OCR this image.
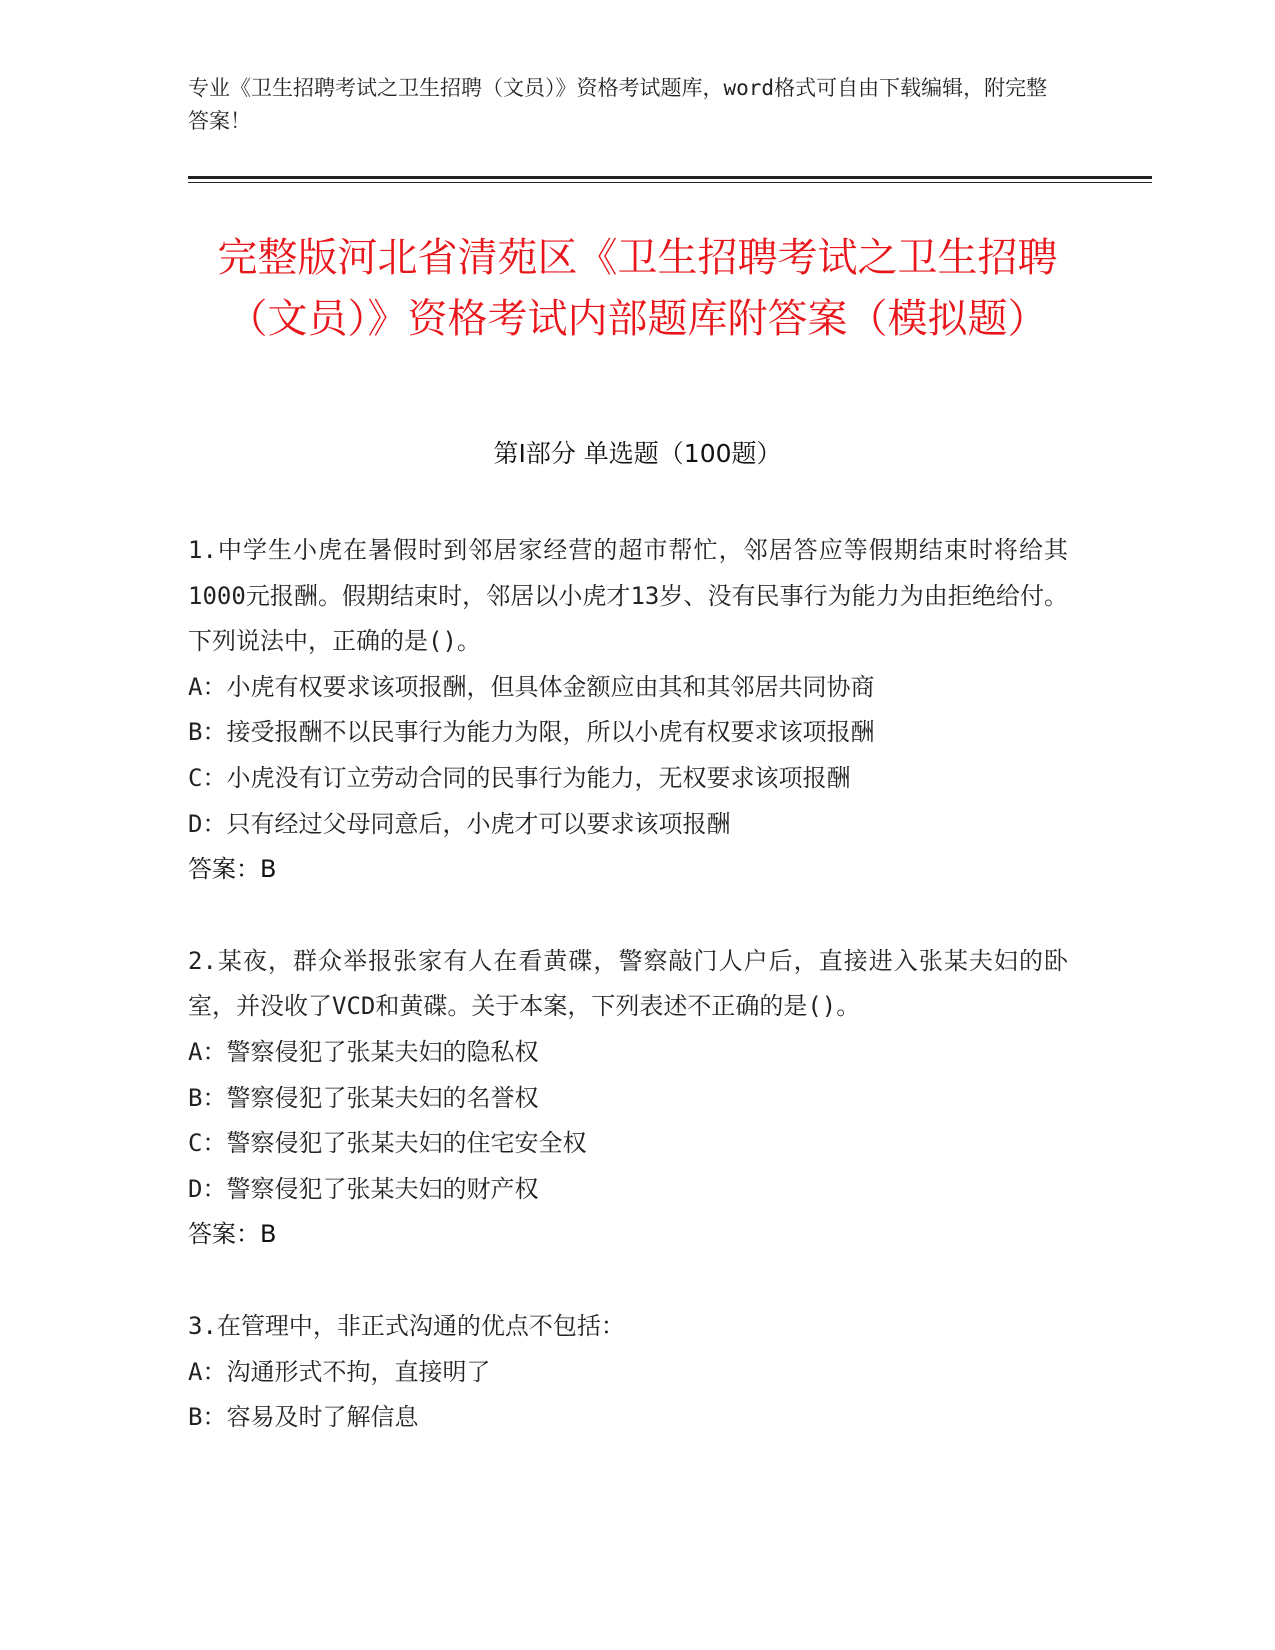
专业《卫生招聘考试之卫生招聘（文员）》资格考试题库，word格式可自由下载编辑，附完整答案！
完整版河北省清苑区《卫生招聘考试之卫生招聘（文员）》资格考试内部题库附答案（模拟题）
第Ⅰ部分 单选题（100题）

1.中学生小虎在暑假时到邻居家经营的超市帮忙，邻居答应等假期结束时将给其1000元报酬。假期结束时，邻居以小虎才13岁、没有民事行为能力为由拒绝给付。下列说法中，正确的是()。

A：小虎有权要求该项报酬，但具体金额应由其和其邻居共同协商

B：接受报酬不以民事行为能力为限，所以小虎有权要求该项报酬

C：小虎没有订立劳动合同的民事行为能力，无权要求该项报酬

D：只有经过父母同意后，小虎才可以要求该项报酬

答案：B

2.某夜，群众举报张家有人在看黄碟，警察敲门人户后，直接进入张某夫妇的卧室，并没收了VCD和黄碟。关于本案，下列表述不正确的是()。

A：警察侵犯了张某夫妇的隐私权

B：警察侵犯了张某夫妇的名誉权

C：警察侵犯了张某夫妇的住宅安全权

D：警察侵犯了张某夫妇的财产权

答案：B

3.在管理中，非正式沟通的优点不包括：

A：沟通形式不拘，直接明了

B：容易及时了解信息
